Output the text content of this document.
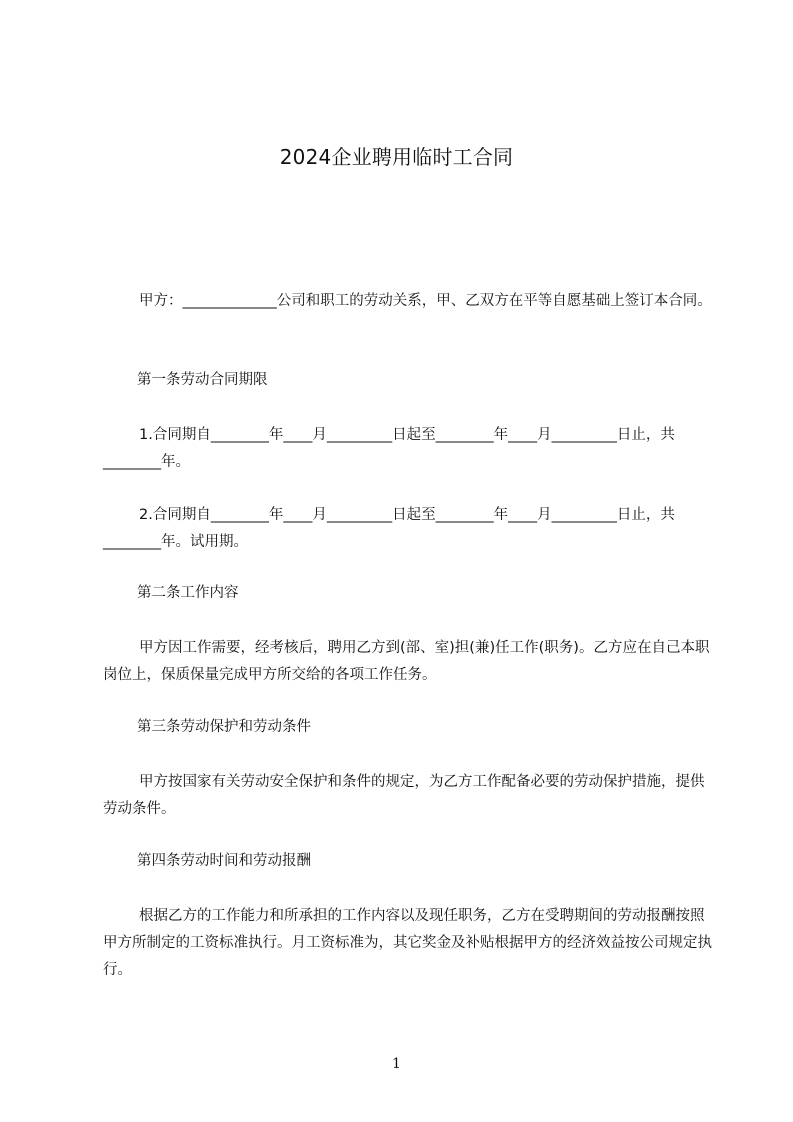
2024企业聘用临时工合同
甲方：_____________公司和职工的劳动关系，甲、乙双方在平等自愿基础上签订本合同。
第一条劳动合同期限
1.合同期自________年____月_________日起至________年____月_________日止，共________年。
2.合同期自________年____月_________日起至________年____月_________日止，共________年。试用期。
第二条工作内容
甲方因工作需要，经考核后，聘用乙方到(部、室)担(兼)任工作(职务)。乙方应在自己本职岗位上，保质保量完成甲方所交给的各项工作任务。
第三条劳动保护和劳动条件
甲方按国家有关劳动安全保护和条件的规定，为乙方工作配备必要的劳动保护措施，提供劳动条件。
第四条劳动时间和劳动报酬
根据乙方的工作能力和所承担的工作内容以及现任职务，乙方在受聘期间的劳动报酬按照甲方所制定的工资标准执行。月工资标准为，其它奖金及补贴根据甲方的经济效益按公司规定执行。
1
